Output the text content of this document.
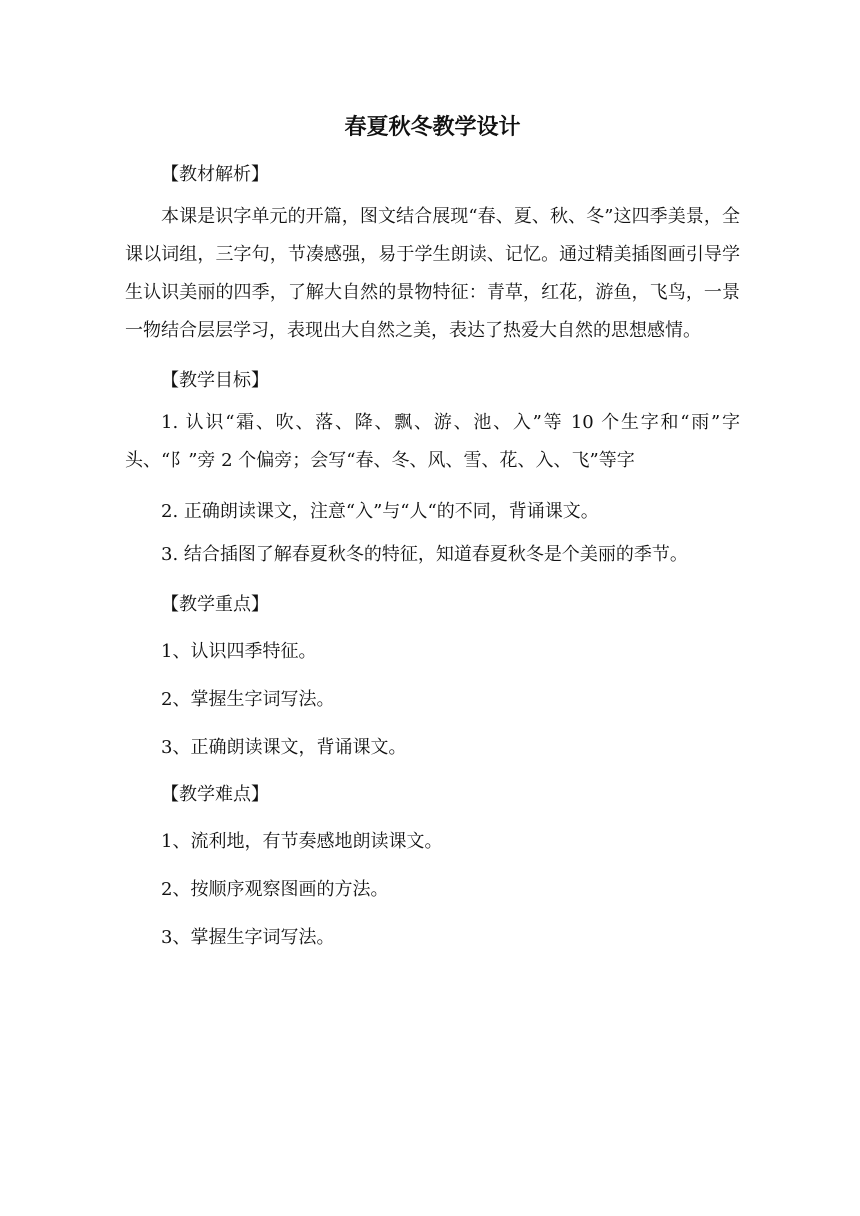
春夏秋冬教学设计
【教材解析】

本课是识字单元的开篇，图文结合展现“春、夏、秋、冬”这四季美景，全课以词组，三字句，节凑感强，易于学生朗读、记忆。通过精美插图画引导学生认识美丽的四季，了解大自然的景物特征：青草，红花，游鱼，飞鸟，一景一物结合层层学习，表现出大自然之美，表达了热爱大自然的思想感情。

【教学目标】

1. 认识“霜、吹、落、降、飘、游、池、入”等 10 个生字和“雨”字头、“阝”旁 2 个偏旁；会写“春、冬、风、雪、花、入、飞”等字

2. 正确朗读课文，注意“入”与“人“的不同，背诵课文。

3. 结合插图了解春夏秋冬的特征，知道春夏秋冬是个美丽的季节。

【教学重点】
1、认识四季特征。
2、掌握生字词写法。
3、正确朗读课文，背诵课文。
【教学难点】
1、流利地，有节奏感地朗读课文。
2、按顺序观察图画的方法。
3、掌握生字词写法。
